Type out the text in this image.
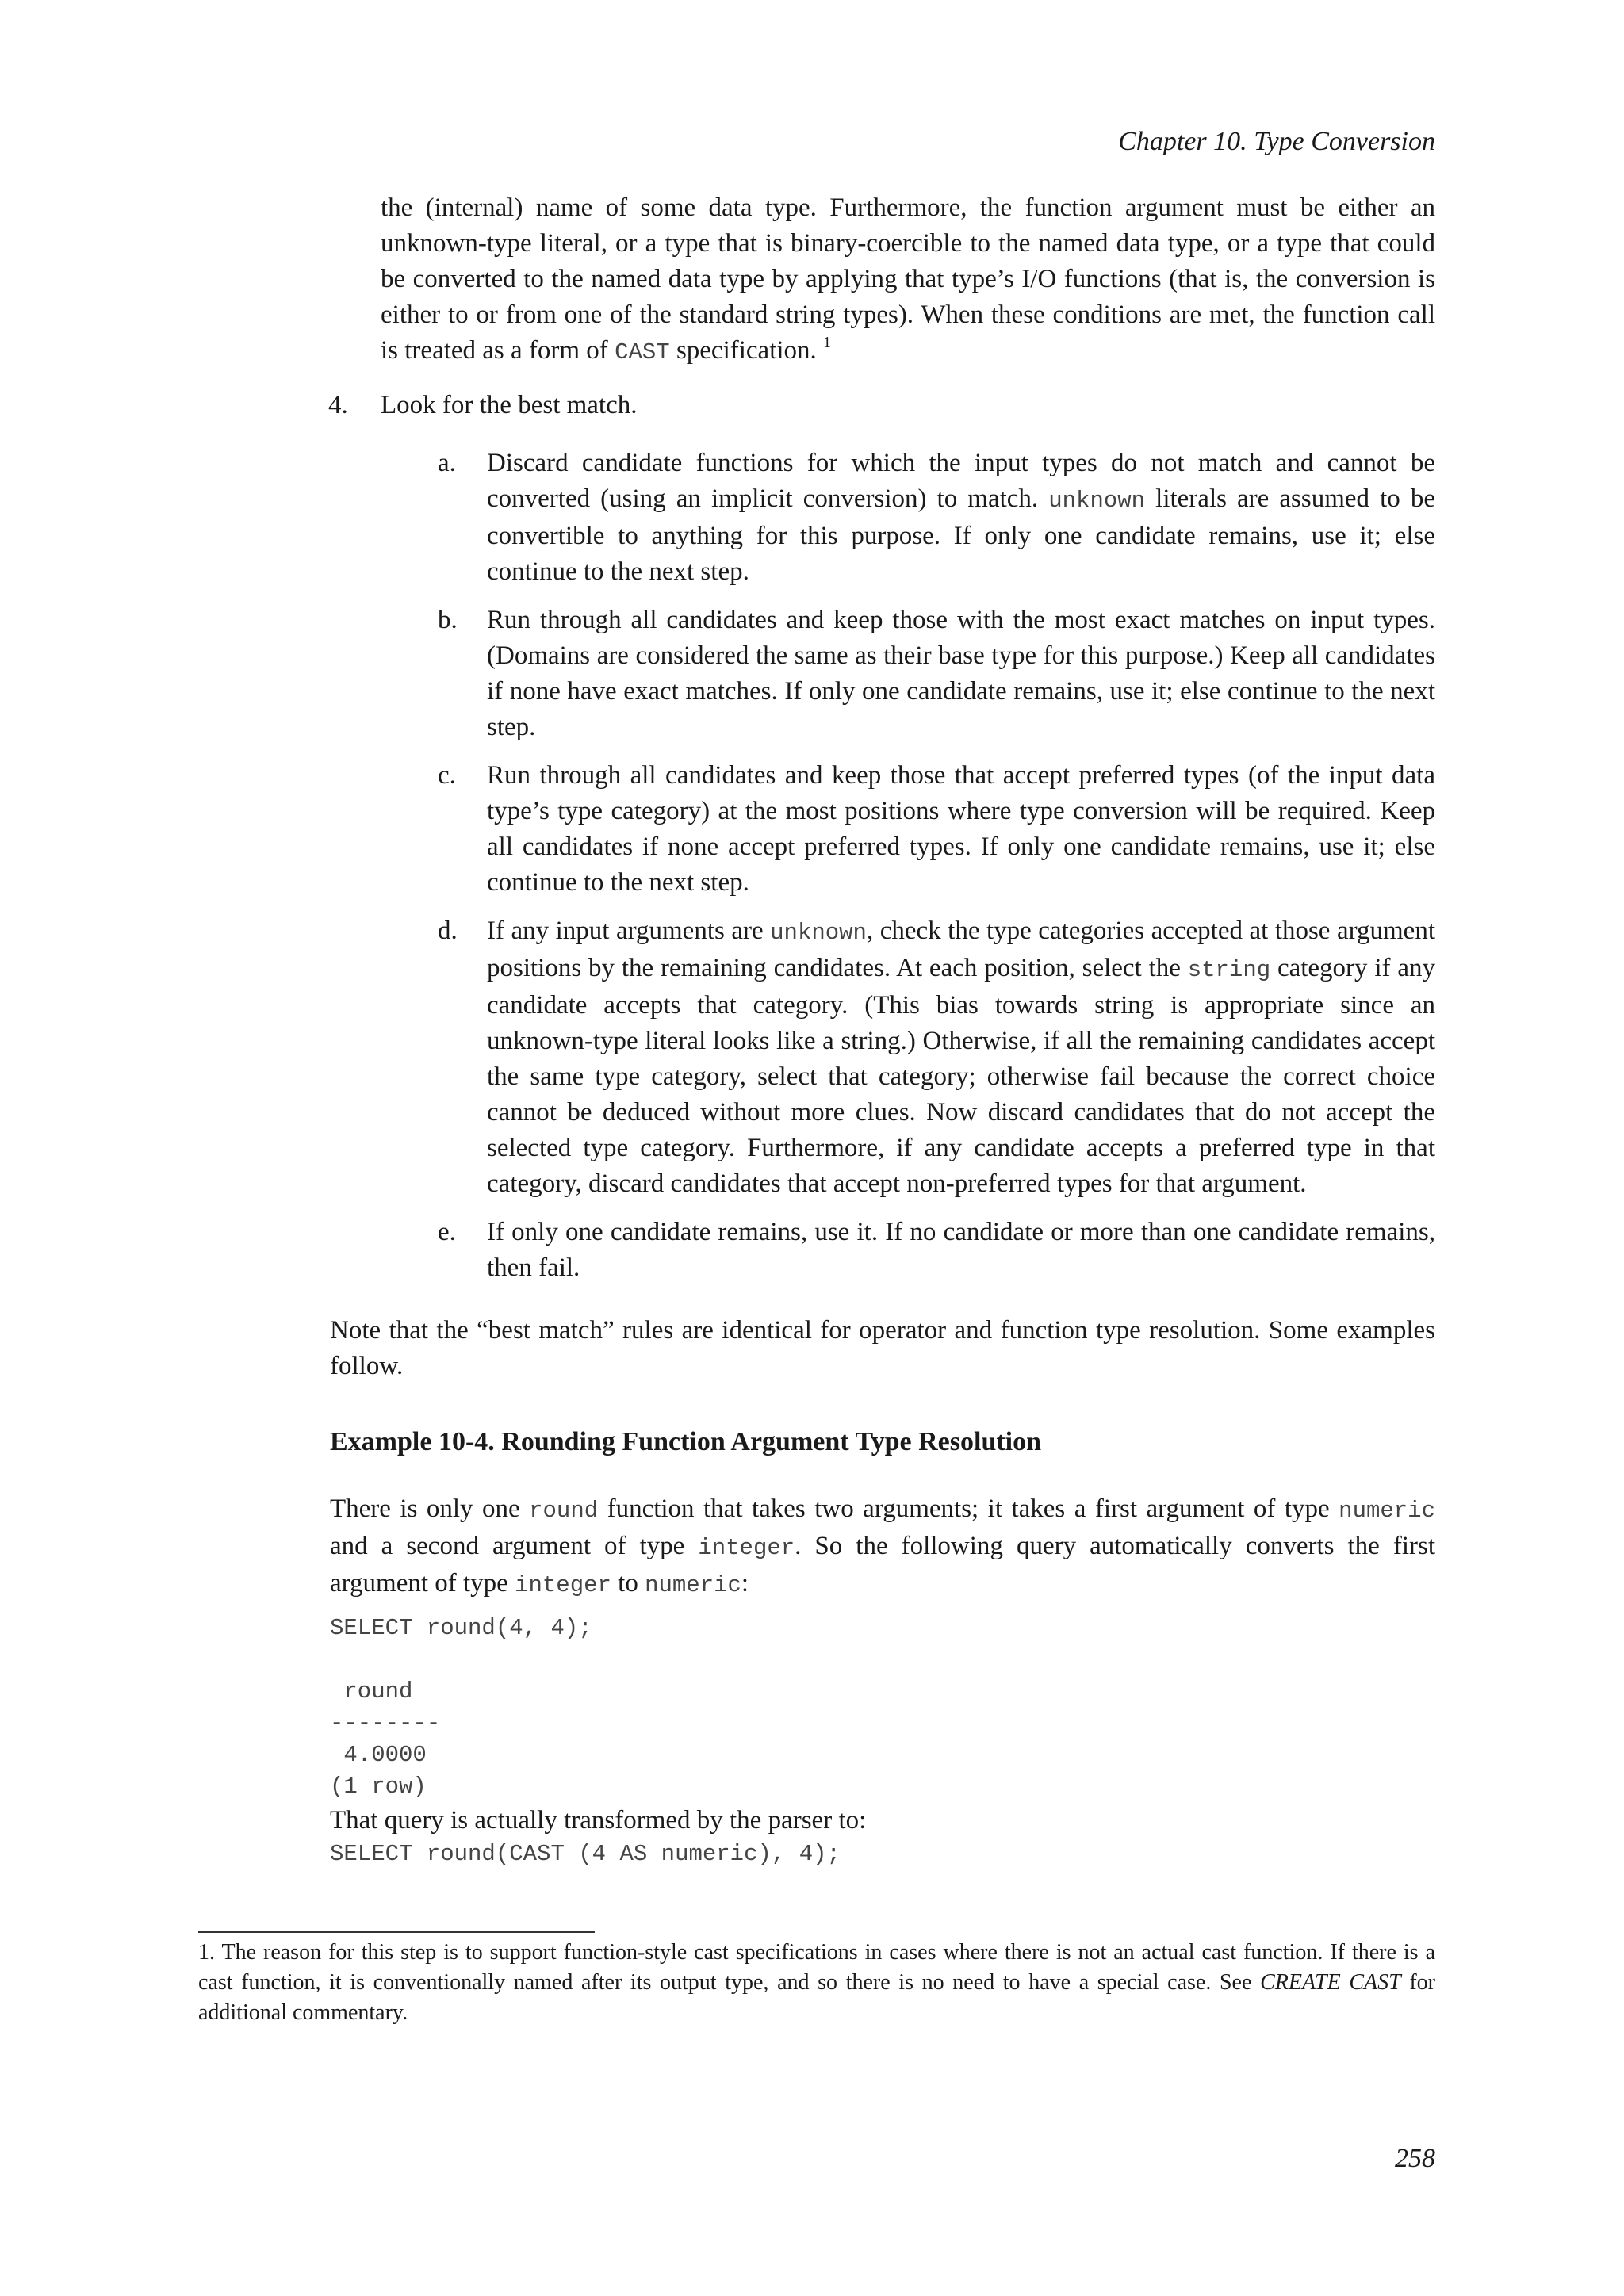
Chapter 10. Type Conversion

the (internal) name of some data type. Furthermore, the function argument must be either an unknown-type literal, or a type that is binary-coercible to the named data type, or a type that could be converted to the named data type by applying that type’s I/O functions (that is, the conversion is either to or from one of the standard string types). When these conditions are met, the function call is treated as a form of CAST specification. $^1$

4.	Look for the best match.
a.	Discard candidate functions for which the input types do not match and cannot be converted (using an implicit conversion) to match. unknown literals are assumed to be convertible to anything for this purpose. If only one candidate remains, use it; else continue to the next step.

b.	Run through all candidates and keep those with the most exact matches on input types. (Domains are considered the same as their base type for this purpose.) Keep all candidates if none have exact matches. If only one candidate remains, use it; else continue to the next step.

c.	Run through all candidates and keep those that accept preferred types (of the input data type’s type category) at the most positions where type conversion will be required. Keep all candidates if none accept preferred types. If only one candidate remains, use it; else continue to the next step.

d.	If any input arguments are unknown, check the type categories accepted at those argument positions by the remaining candidates. At each position, select the string category if any candidate accepts that category. (This bias towards string is appropriate since an unknown-type literal looks like a string.) Otherwise, if all the remaining candidates accept the same type category, select that category; otherwise fail because the correct choice cannot be deduced without more clues. Now discard candidates that do not accept the selected type category. Furthermore, if any candidate accepts a preferred type in that category, discard candidates that accept non-preferred types for that argument.

e.	If only one candidate remains, use it. If no candidate or more than one candidate remains, then fail.

Note that the “best match” rules are identical for operator and function type resolution. Some examples follow.

Example 10-4. Rounding Function Argument Type Resolution

There is only one round function that takes two arguments; it takes a first argument of type numeric and a second argument of type integer. So the following query automatically converts the first argument of type integer to numeric:

SELECT round(4, 4);

round
--------
4.0000
(1 row)

That query is actually transformed by the parser to:

SELECT round(CAST (4 AS numeric), 4);
1. The reason for this step is to support function-style cast specifications in cases where there is not an actual cast function. If there is a cast function, it is conventionally named after its output type, and so there is no need to have a special case. See CREATE CAST for additional commentary.
258
